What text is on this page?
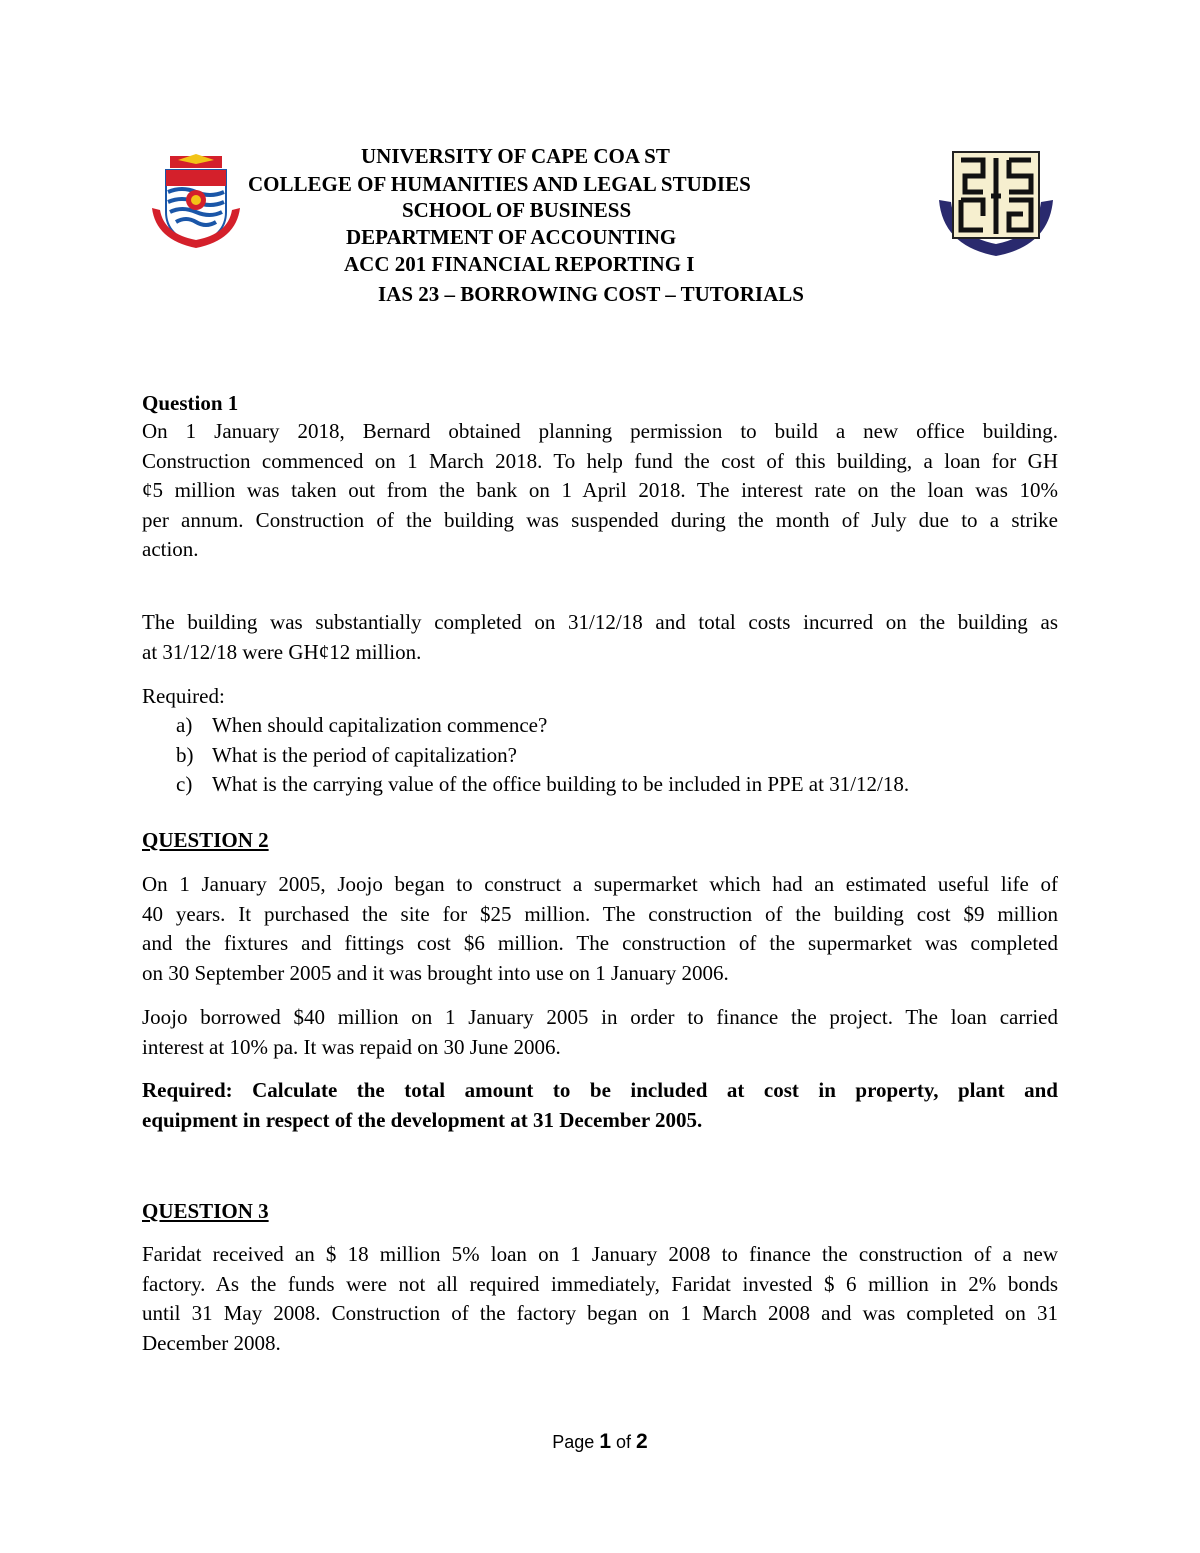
UNIVERSITY OF CAPE COA ST
COLLEGE OF HUMANITIES AND LEGAL STUDIES
SCHOOL OF BUSINESS
DEPARTMENT OF ACCOUNTING
ACC 201 FINANCIAL REPORTING I
IAS 23 – BORROWING COST – TUTORIALS
Question 1
On 1 January 2018, Bernard obtained planning permission to build a new office building.
Construction commenced on 1 March 2018. To help fund the cost of this building, a loan for GH
¢5 million was taken out from the bank on 1 April 2018. The interest rate on the loan was 10%
per annum. Construction of the building was suspended during the month of July due to a strike
action.
The building was substantially completed on 31/12/18 and total costs incurred on the building as
at 31/12/18 were GH¢12 million.
Required:
a) When should capitalization commence?
b) What is the period of capitalization?
c) What is the carrying value of the office building to be included in PPE at 31/12/18.
QUESTION 2
On 1 January 2005, Joojo began to construct a supermarket which had an estimated useful life of
40 years. It purchased the site for $25 million. The construction of the building cost $9 million
and the fixtures and fittings cost $6 million. The construction of the supermarket was completed
on 30 September 2005 and it was brought into use on 1 January 2006.
Joojo borrowed $40 million on 1 January 2005 in order to finance the project. The loan carried
interest at 10% pa. It was repaid on 30 June 2006.
Required: Calculate the total amount to be included at cost in property, plant and
equipment in respect of the development at 31 December 2005.
QUESTION 3
Faridat received an $ 18 million 5% loan on 1 January 2008 to finance the construction of a new
factory. As the funds were not all required immediately, Faridat invested $ 6 million in 2% bonds
until 31 May 2008. Construction of the factory began on 1 March 2008 and was completed on 31
December 2008.
Page 1 of 2
